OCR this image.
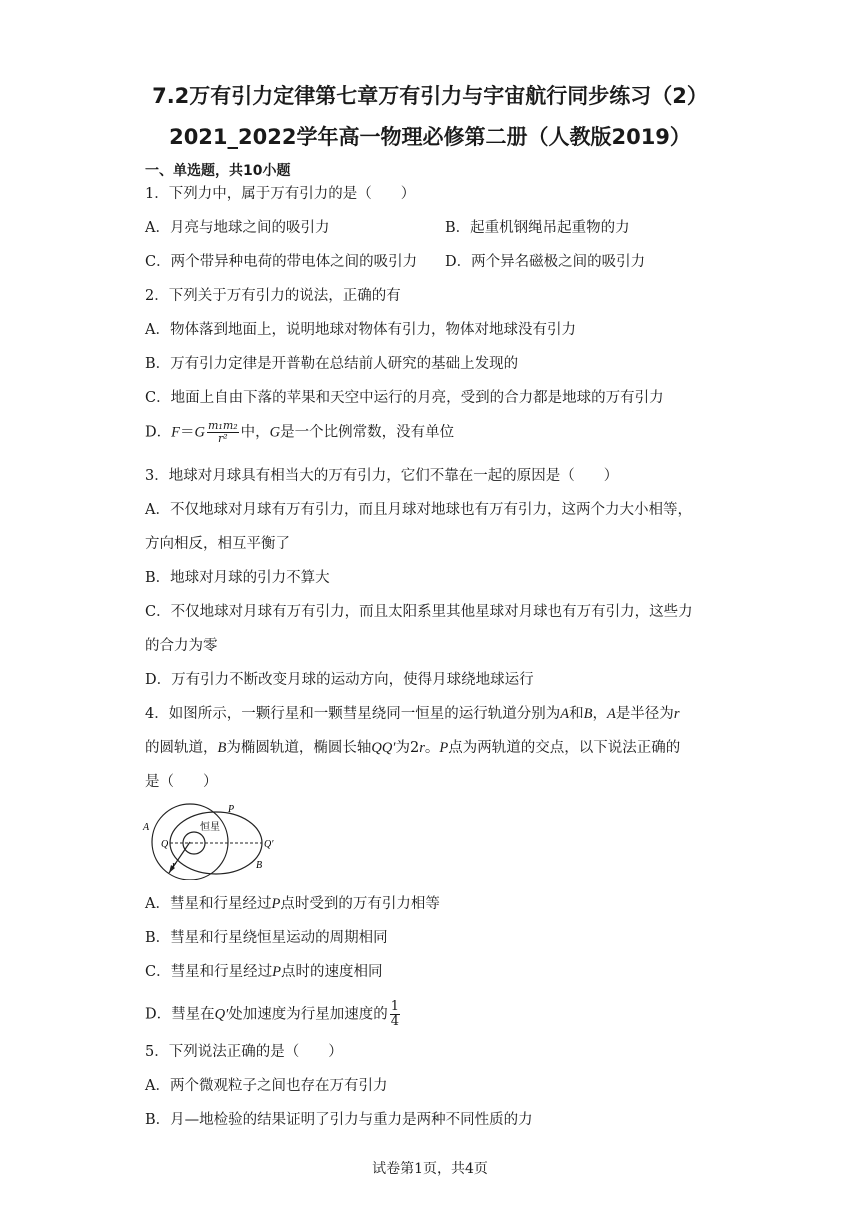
7.2万有引力定律第七章万有引力与宇宙航行同步练习（2）
2021_2022学年高一物理必修第二册（人教版2019）
一、单选题，共10小题
1．下列力中，属于万有引力的是（　　）
A．月亮与地球之间的吸引力	B．起重机钢绳吊起重物的力
C．两个带异种电荷的带电体之间的吸引力 D．两个异名磁极之间的吸引力
2．下列关于万有引力的说法，正确的有
A．物体落到地面上，说明地球对物体有引力，物体对地球没有引力
B．万有引力定律是开普勒在总结前人研究的基础上发现的
C．地面上自由下落的苹果和天空中运行的月亮，受到的合力都是地球的万有引力
D．$F=G \frac{\text{m₁m₂}}{\text{r²}}$ 中，G是一个比例常数，没有单位
3．地球对月球具有相当大的万有引力，它们不靠在一起的原因是（　　）
A．不仅地球对月球有万有引力，而且月球对地球也有万有引力，这两个力大小相等，
方向相反，相互平衡了
B．地球对月球的引力不算大
C．不仅地球对月球有万有引力，而且太阳系里其他星球对月球也有万有引力，这些力
的合力为零
D．万有引力不断改变月球的运动方向，使得月球绕地球运行
4．如图所示，一颗行星和一颗彗星绕同一恒星的运行轨道分别为A和B，A是半径为r
的圆轨道，B为椭圆轨道，椭圆长轴QQ′为2r。P点为两轨道的交点，以下说法正确的
是（　　）
P
A	恒星
Q	Q′
r	B
A．彗星和行星经过P点时受到的万有引力相等
B．彗星和行星绕恒星运动的周期相同
C．彗星和行星经过P点时的速度相同
D．彗星在Q′处加速度为行星加速度的 $\frac{1}{4}$
5．下列说法正确的是（　　）
A．两个微观粒子之间也存在万有引力
B．月—地检验的结果证明了引力与重力是两种不同性质的力
试卷第1页，共4页
